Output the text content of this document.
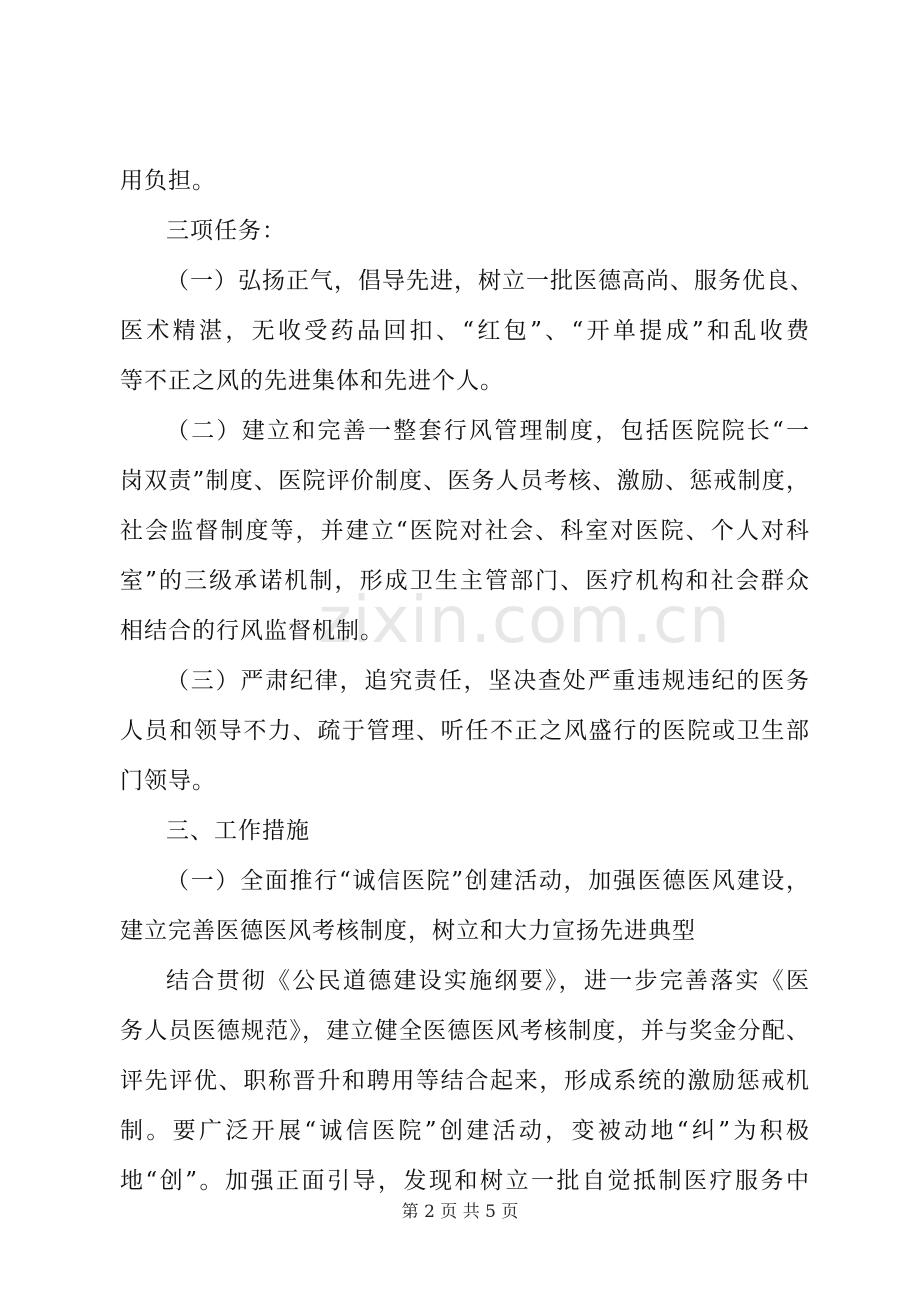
zixin.com.cn
用负担。
三项任务：
（一）弘扬正气，倡导先进，树立一批医德高尚、服务优良、
医术精湛，无收受药品回扣、“红包”、“开单提成”和乱收费
等不正之风的先进集体和先进个人。
（二）建立和完善一整套行风管理制度，包括医院院长“一
岗双责”制度、医院评价制度、医务人员考核、激励、惩戒制度，
社会监督制度等，并建立“医院对社会、科室对医院、个人对科
室”的三级承诺机制，形成卫生主管部门、医疗机构和社会群众
相结合的行风监督机制。
（三）严肃纪律，追究责任，坚决查处严重违规违纪的医务
人员和领导不力、疏于管理、听任不正之风盛行的医院或卫生部
门领导。
三、工作措施
（一）全面推行“诚信医院”创建活动，加强医德医风建设，
建立完善医德医风考核制度，树立和大力宣扬先进典型
结合贯彻《公民道德建设实施纲要》，进一步完善落实《医
务人员医德规范》，建立健全医德医风考核制度，并与奖金分配、
评先评优、职称晋升和聘用等结合起来，形成系统的激励惩戒机
第 2 页 共 5 页
制。要广泛开展“诚信医院”创建活动，变被动地“纠”为积极
地“创”。加强正面引导，发现和树立一批自觉抵制医疗服务中
